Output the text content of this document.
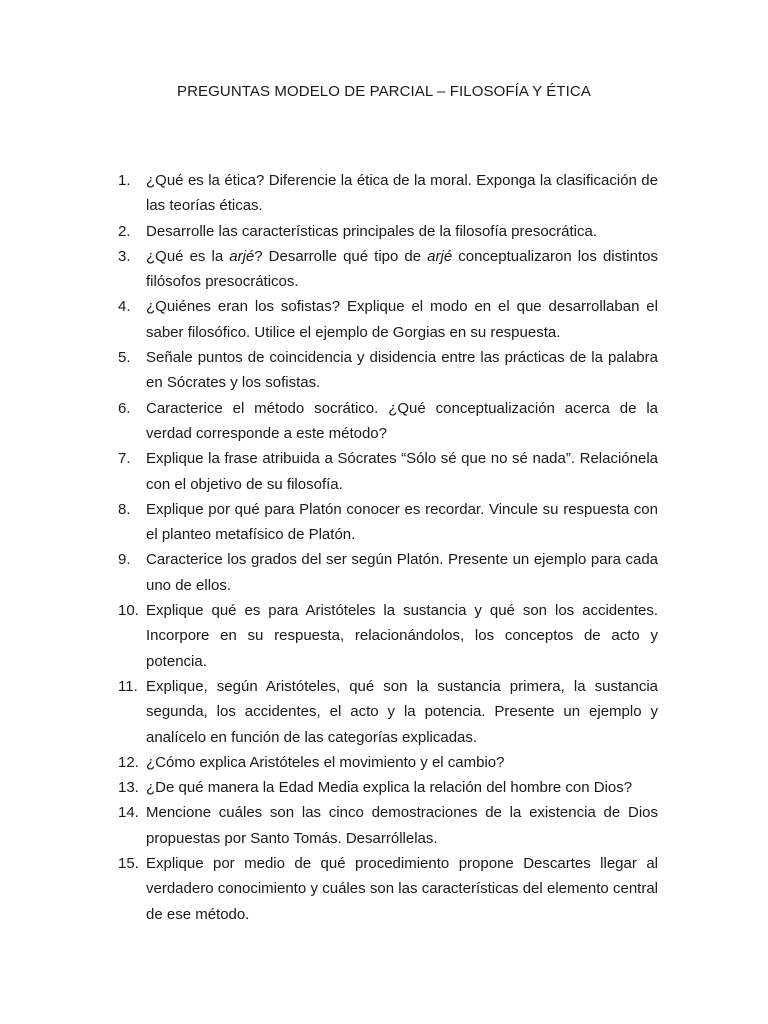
PREGUNTAS MODELO DE PARCIAL – FILOSOFÍA Y ÉTICA
1.	¿Qué es la ética? Diferencie la ética de la moral. Exponga la clasificación de las teorías éticas.
2.	Desarrolle las características principales de la filosofía presocrática.
3.	¿Qué es la arjé? Desarrolle qué tipo de arjé conceptualizaron los distintos filósofos presocráticos.
4.	¿Quiénes eran los sofistas? Explique el modo en el que desarrollaban el saber filosófico. Utilice el ejemplo de Gorgias en su respuesta.
5.	Señale puntos de coincidencia y disidencia entre las prácticas de la palabra en Sócrates y los sofistas.
6.	Caracterice el método socrático. ¿Qué conceptualización acerca de la verdad corresponde a este método?
7.	Explique la frase atribuida a Sócrates “Sólo sé que no sé nada”. Relaciónela con el objetivo de su filosofía.
8.	Explique por qué para Platón conocer es recordar. Vincule su respuesta con el planteo metafísico de Platón.
9.	Caracterice los grados del ser según Platón. Presente un ejemplo para cada uno de ellos.
10. Explique qué es para Aristóteles la sustancia y qué son los accidentes. Incorpore en su respuesta, relacionándolos, los conceptos de acto y potencia.
11. Explique, según Aristóteles, qué son la sustancia primera, la sustancia segunda, los accidentes, el acto y la potencia. Presente un ejemplo y analícelo en función de las categorías explicadas.
12. ¿Cómo explica Aristóteles el movimiento y el cambio?
13. ¿De qué manera la Edad Media explica la relación del hombre con Dios?
14. Mencione cuáles son las cinco demostraciones de la existencia de Dios propuestas por Santo Tomás. Desarróllelas.
15. Explique por medio de qué procedimiento propone Descartes llegar al verdadero conocimiento y cuáles son las características del elemento central de ese método.
